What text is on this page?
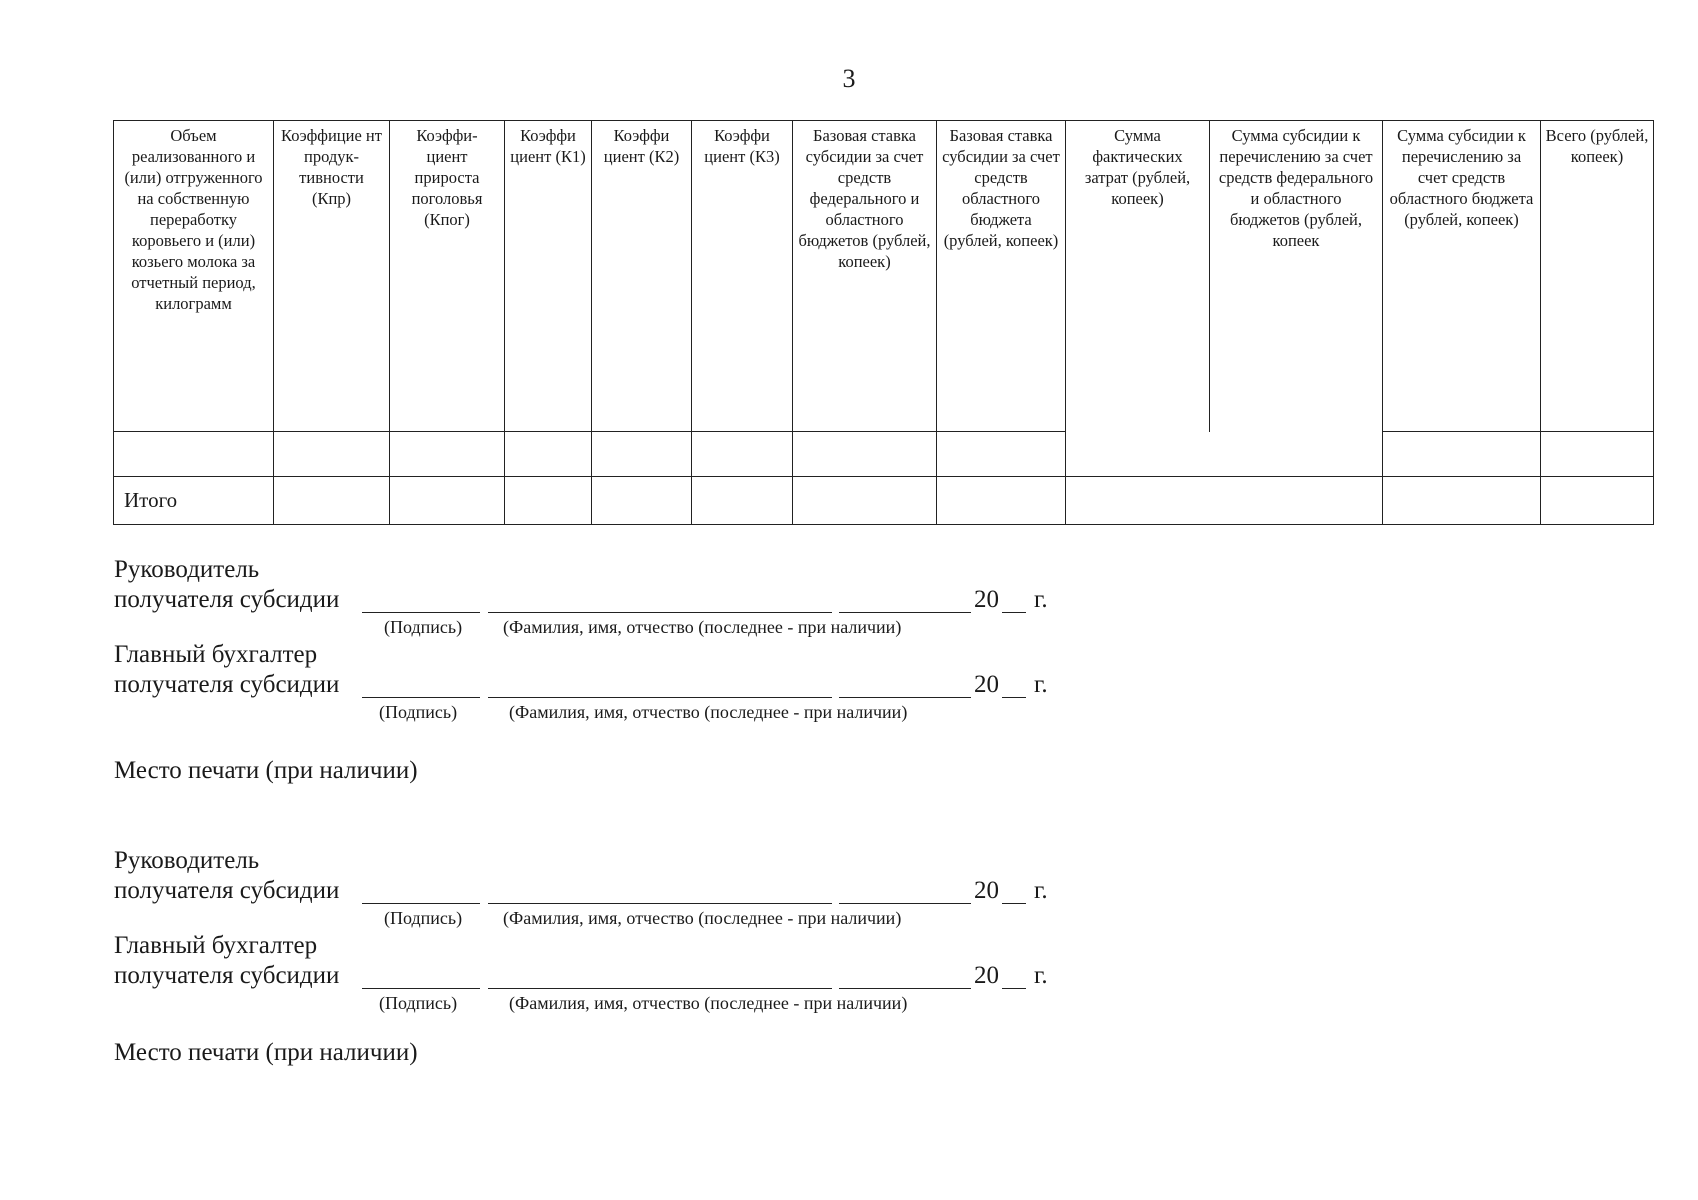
3
Объем реализованного и (или) отгруженного на собственную переработку коровьего и (или) козьего молока за отчетный период, килограмм	Коэффицие нт продук- тивности (Кпр)	Коэффи- циент прироста поголовья (Кпог)	Коэффи циент (К1)	Коэффи циент (К2)	Коэффи циент (К3)	Базовая ставка субсидии за счет средств федерального и областного бюджетов (рублей, копеек)	Базовая ставка субсидии за счет средств областного бюджета (рублей, копеек)	Сумма фактических затрат (рублей, копеек)	Сумма субсидии к перечислению за счет средств федерального и областного бюджетов (рублей, копеек	Сумма субсидии к перечислению за счет средств областного бюджета (рублей, копеек)	Всего (рублей, копеек)

Итого											
Руководитель
получателя субсидии	20 г.
(Подпись) (Фамилия, имя, отчество (последнее - при наличии)
Главный бухгалтер
получателя субсидии	20 г.
(Подпись)	(Фамилия, имя, отчество (последнее - при наличии)
Место печати (при наличии)
Руководитель
получателя субсидии	20 г.
(Подпись) (Фамилия, имя, отчество (последнее - при наличии)
Главный бухгалтер
получателя субсидии	20 г.
(Подпись)	(Фамилия, имя, отчество (последнее - при наличии)
Место печати (при наличии)
